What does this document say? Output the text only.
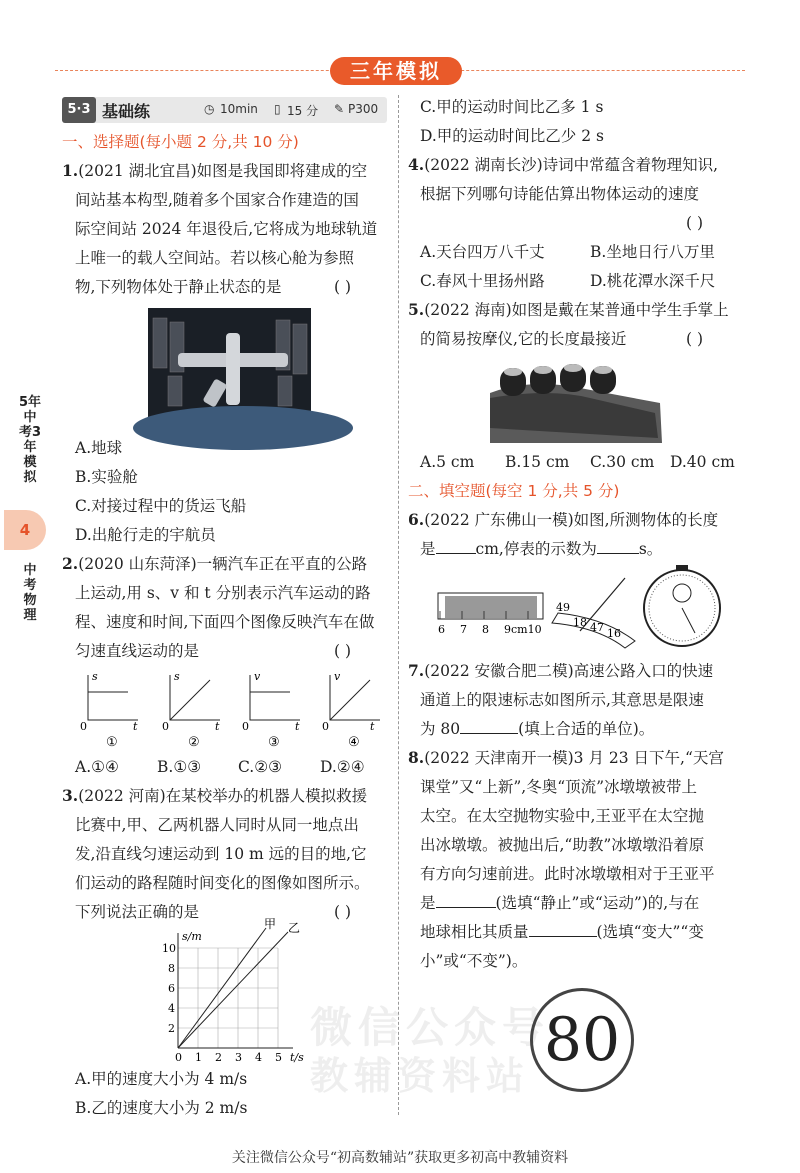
三年模拟
微信公众号
教辅资料站
5年中考3年模拟
4
中考物理
5·3 基础练	◷ 10min ▯ 15 分 ✎ P300
一、选择题(每小题 2 分,共 10 分)
1.(2021 湖北宜昌)如图是我国即将建成的空
间站基本构型,随着多个国家合作建造的国
际空间站 2024 年退役后,它将成为地球轨道
上唯一的载人空间站。若以核心舱为参照
物,下列物体处于静止状态的是	( )
A.地球
B.实验舱
C.对接过程中的货运飞船
D.出舱行走的宇航员
2.(2020 山东菏泽)一辆汽车正在平直的公路
上运动,用 s、v 和 t 分别表示汽车运动的路
程、速度和时间,下面四个图像反映汽车在做
匀速直线运动的是	( )
s	s	v	v
t	t	t	t
0	0	0	0
①	②	③	④
A.①④ B.①③ C.②③ D.②④
3.(2022 河南)在某校举办的机器人模拟救援
比赛中,甲、乙两机器人同时从同一地点出
发,沿直线匀速运动到 10 m 远的目的地,它
们运动的路程随时间变化的图像如图所示。
下列说法正确的是	( )
0 1 2 3 4 5
2
4
6
8
10
t/s
s/m
甲 乙
A.甲的速度大小为 4 m/s
B.乙的速度大小为 2 m/s
C.甲的运动时间比乙多 1 s
D.甲的运动时间比乙少 2 s
4.(2022 湖南长沙)诗词中常蕴含着物理知识,
根据下列哪句诗能估算出物体运动的速度
( )
A.天台四万八千丈	B.坐地日行八万里
C.春风十里扬州路	D.桃花潭水深千尺
5.(2022 海南)如图是戴在某普通中学生手掌上
的简易按摩仪,它的长度最接近	( )
A.5 cm B.15 cm C.30 cm D.40 cm
二、填空题(每空 1 分,共 5 分)
6.(2022 广东佛山一模)如图,所测物体的长度
是	cm,停表的示数为	s。
6 7 8 9cm10
49
18 47 16
7.(2022 安徽合肥二模)高速公路入口的快速
通道上的限速标志如图所示,其意思是限速
为 80	(填上合适的单位)。
8.(2022 天津南开一模)3 月 23 日下午,“天宫
课堂”又“上新”,冬奥“顶流”冰墩墩被带上
太空。在太空抛物实验中,王亚平在太空抛
出冰墩墩。被抛出后,“助教”冰墩墩沿着原
有方向匀速前进。此时冰墩墩相对于王亚平
是	(选填“静止”或“运动”)的,与在
地球相比其质量	(选填“变大”“变
小”或“不变”)。
80
关注微信公众号“初高数辅站”获取更多初高中教辅资料
